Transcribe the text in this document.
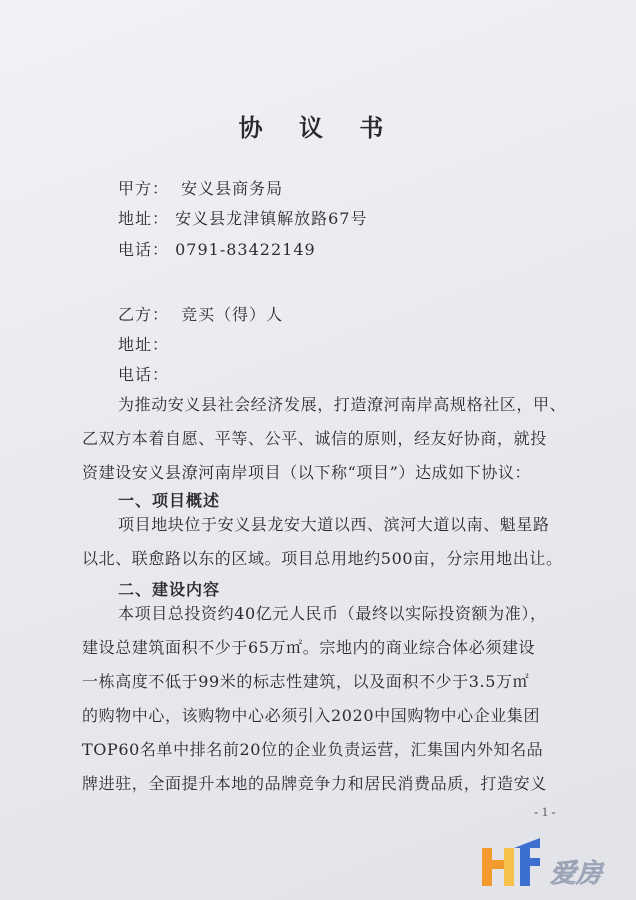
协 议 书
甲方： 安义县商务局
地址： 安义县龙津镇解放路67号
电话： 0791-83422149
乙方： 竞买（得）人
地址：
电话：
为推动安义县社会经济发展，打造潦河南岸高规格社区，甲、
乙双方本着自愿、平等、公平、诚信的原则，经友好协商，就投
资建设安义县潦河南岸项目（以下称“项目”）达成如下协议：
一、项目概述
项目地块位于安义县龙安大道以西、滨河大道以南、魁星路
以北、联愈路以东的区域。项目总用地约500亩，分宗用地出让。
二、建设内容
本项目总投资约40亿元人民币（最终以实际投资额为准），
建设总建筑面积不少于65万㎡。宗地内的商业综合体必须建设
一栋高度不低于99米的标志性建筑，以及面积不少于3.5万㎡
的购物中心，该购物中心必须引入2020中国购物中心企业集团
TOP60名单中排名前20位的企业负责运营，汇集国内外知名品
牌进驻，全面提升本地的品牌竞争力和居民消费品质，打造安义
- 1 -
爱房
